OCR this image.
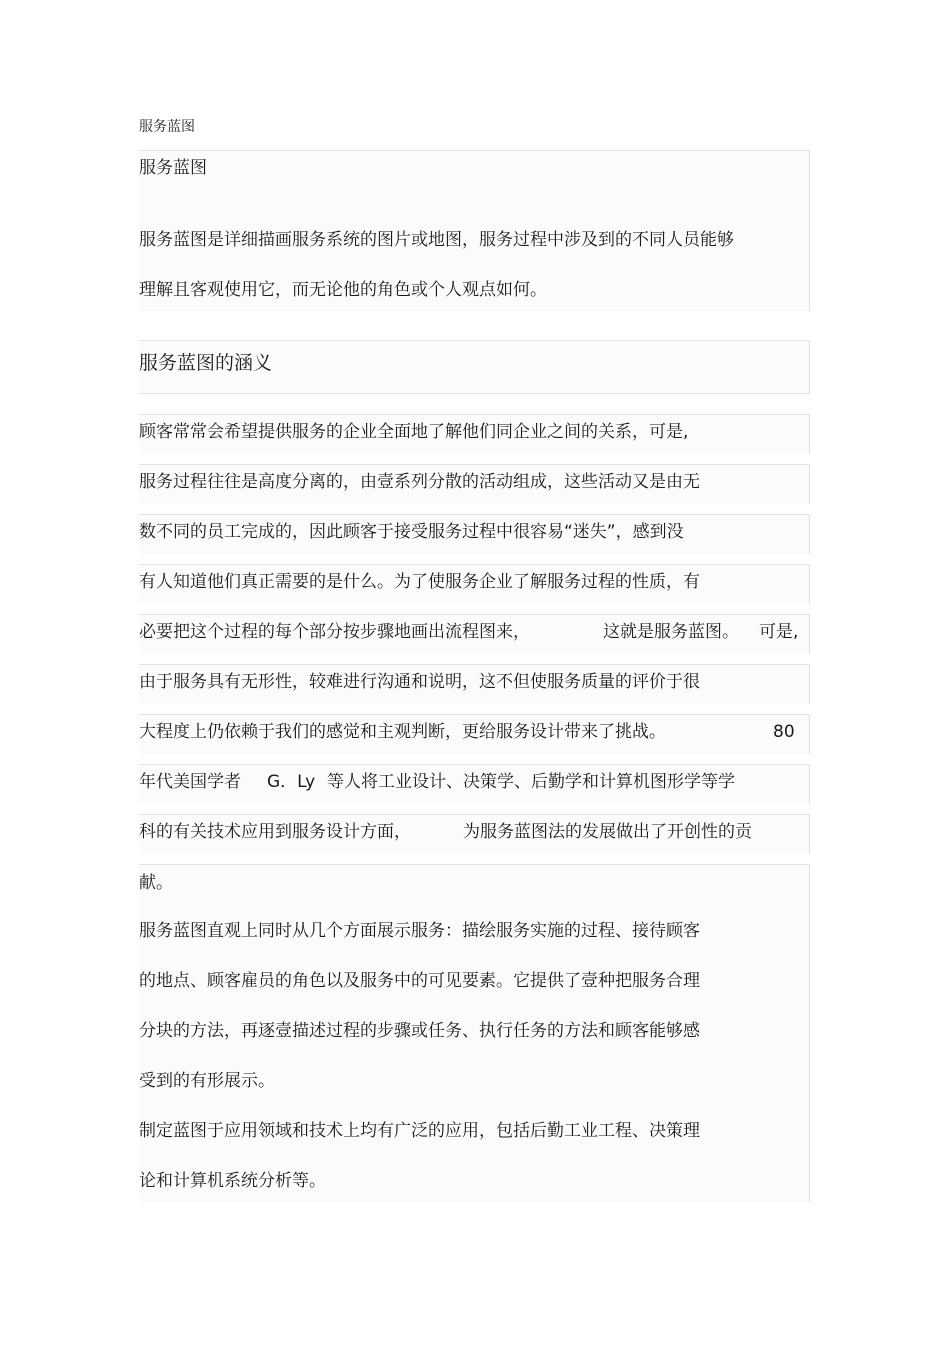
服务蓝图
服务蓝图
服务蓝图是详细描画服务系统的图片或地图，服务过程中涉及到的不同人员能够
理解且客观使用它，而无论他的角色或个人观点如何。
服务蓝图的涵义
顾客常常会希望提供服务的企业全面地了解他们同企业之间的关系，可是,
服务过程往往是高度分离的，由壹系列分散的活动组成，这些活动又是由无
数不同的员工完成的，因此顾客于接受服务过程中很容易“迷失”，感到没
有人知道他们真正需要的是什么。为了使服务企业了解服务过程的性质，有
必要把这个过程的每个部分按步骤地画出流程图来，	这就是服务蓝图。 可是,
由于服务具有无形性，较难进行沟通和说明，这不但使服务质量的评价于很
大程度上仍依赖于我们的感觉和主观判断，更给服务设计带来了挑战。	80
年代美国学者 G．Ly 等人将工业设计、决策学、后勤学和计算机图形学等学
科的有关技术应用到服务设计方面，	为服务蓝图法的发展做出了开创性的贡
献。
服务蓝图直观上同时从几个方面展示服务：描绘服务实施的过程、接待顾客
的地点、顾客雇员的角色以及服务中的可见要素。它提供了壹种把服务合理
分块的方法，再逐壹描述过程的步骤或任务、执行任务的方法和顾客能够感
受到的有形展示。
制定蓝图于应用领域和技术上均有广泛的应用，包括后勤工业工程、决策理
论和计算机系统分析等。
